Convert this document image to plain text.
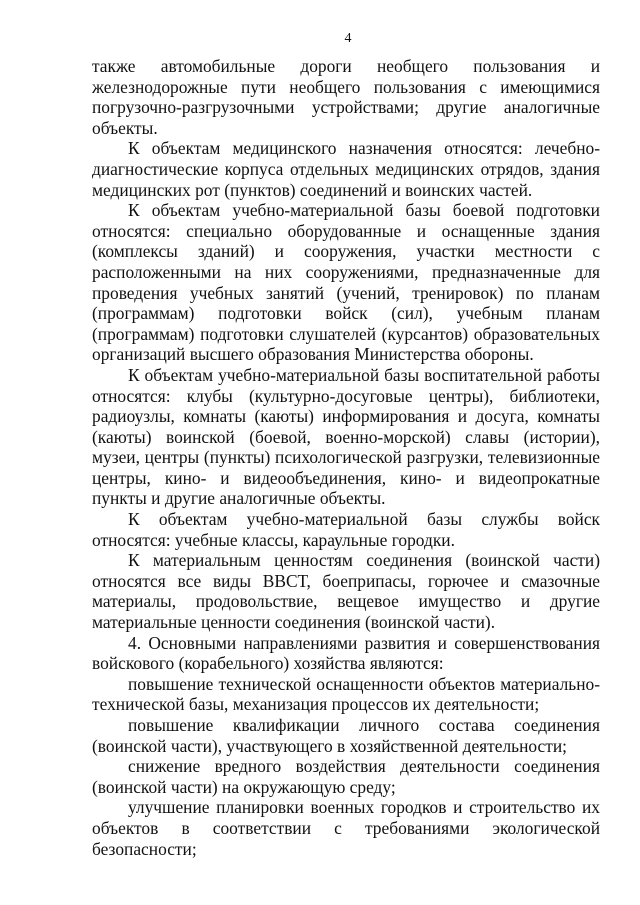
4

также автомобильные дороги необщего пользования и железнодорожные пути необщего пользования с имеющимися погрузочно-разгрузочными устройствами; другие аналогичные объекты.

К объектам медицинского назначения относятся: лечебно-диагностические корпуса отдельных медицинских отрядов, здания медицинских рот (пунктов) соединений и воинских частей.

К объектам учебно-материальной базы боевой подготовки относятся: специально оборудованные и оснащенные здания (комплексы зданий) и сооружения, участки местности с расположенными на них сооружениями, предназначенные для проведения учебных занятий (учений, тренировок) по планам (программам) подготовки войск (сил), учебным планам (программам) подготовки слушателей (курсантов) образовательных организаций высшего образования Министерства обороны.

К объектам учебно-материальной базы воспитательной работы относятся: клубы (культурно-досуговые центры), библиотеки, радиоузлы, комнаты (каюты) информирования и досуга, комнаты (каюты) воинской (боевой, военно-морской) славы (истории), музеи, центры (пункты) психологической разгрузки, телевизионные центры, кино- и видеообъединения, кино- и видеопрокатные пункты и другие аналогичные объекты.

К объектам учебно-материальной базы службы войск относятся: учебные классы, караульные городки.

К материальным ценностям соединения (воинской части) относятся все виды ВВСТ, боеприпасы, горючее и смазочные материалы, продовольствие, вещевое имущество и другие материальные ценности соединения (воинской части).

4. Основными направлениями развития и совершенствования войскового (корабельного) хозяйства являются:

повышение технической оснащенности объектов материально-технической базы, механизация процессов их деятельности;

повышение квалификации личного состава соединения (воинской части), участвующего в хозяйственной деятельности;

снижение вредного воздействия деятельности соединения (воинской части) на окружающую среду;

улучшение планировки военных городков и строительство их объектов в соответствии с требованиями экологической безопасности;
